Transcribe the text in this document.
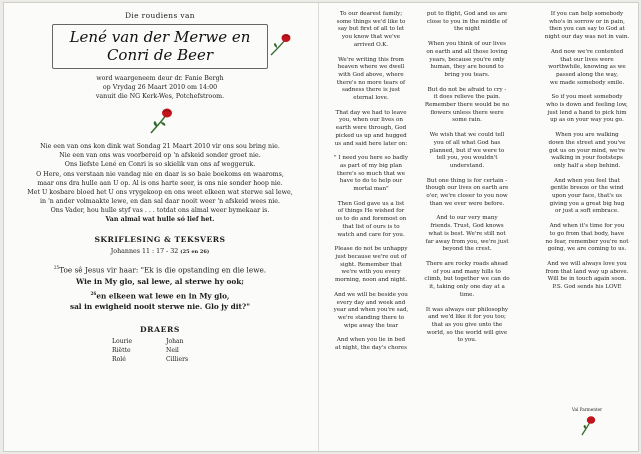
Die roudiens van
Lené van der Merwe en Conri de Beer
word waargeneem deur dr. Fanie Bergh
op Vrydag 26 Maart 2010 om 14:00
vanuit die NG Kerk-Wes, Potchefstroom.
Nie een van ons kon dink wat Sondag 21 Maart 2010 vir ons sou bring nie.
Nie een van ons was voorbereid op 'n afskeid sonder groet nie.
Ons liefste Lené en Conri is so skielik van ons af weggeruk.
O Here, ons verstaan nie vandag nie en daar is so baie boekoms en waaroms,
maar ons dra hulle aan U op. Al is ons harte seer, is ons nie sonder hoop nie.
Met U kosbare bloed het U ons vrygekoop en ons weet elkeen wat sterwe sal lewe,
in 'n ander volmaakte lewe, en dan sal daar nooit weer 'n afskeid wees nie.
Ons Vader, hou hulle styf vas . . . totdat ons almal weer bymekaar is.
Van almal wat hulle só lief het.
SKRIFLESING & TEKSVERS
Johannes 11 : 17 - 32 (25 en 26)
$^{25}$Toe sê Jesus vir haar: "Ek is die opstanding en die lewe.
Wie in My glo, sal lewe, al sterwe hy ook;
$^{26}$en elkeen wat lewe en in My glo,
sal in ewigheid nooit sterwe nie. Glo jy dit?"
DRAERS
Lourie	Johan
Riëtte	Neil
Rolé	Cilliers

To our dearest family;
some things we'd like to
say but first of all to let
you know that we've
arrived O.K.

We're writing this from
heaven where we dwell
with God above, where
there's no more tears of
sadness there is just
eternal love.

That day we had to leave
you, when our lives on
earth were through, God
picked us up and hugged
us and said here later on:

" I need you here so badly
as part of my big plan
there's so much that we
have to do to help our
mortal man"

Then God gave us a list
of things He wished for
us to do and foremost on
that list of ours is to
watch and care for you.

Please do not be unhappy
just because we're out of
sight. Remember that
we're with you every
morning, noon and night.

And we will be beside you
every day and week and
year and when you're sad,
we're standing there to
wipe away the tear

And when you lie in bed
at night, the day's chores

put to flight, God and us are
close to you in the middle of
the night

When you think of our lives
on earth and all those loving
years, because you're only
human, they are bound to
bring you tears.

But do not be afraid to cry -
it does relieve the pain.
Remember there would be no
flowers unless there were
some rain.

We wish that we could tell
you of all what God has
planned, but if we were to
tell you, you wouldn't
understand.

But one thing is for certain -
though our lives on earth are
o'er, we're closer to you now
than we ever were before.

And to our very many
friends. Trust, God knows
what is best. We're still not
far away from you, we're just
beyond the crest.

There are rocky roads ahead
of you and many hills to
climb, but together we can do
it, taking only one day at a
time.

It was always our philosophy
and we'd like it for you too;
that as you give unto the
world, so the world will give
to you.

If you can help somebody
who's in sorrow or in pain,
then you can say to God at
night our day was not in vain.

And now we're contented
that our lives were
worthwhile, knowing as we
passed along the way,
we made somebody smile.

So if you meet somebody
who is down and feeling low,
just lend a hand to pick him
up as on your way you go.

When you are walking
down the street and you've
got us on your mind, we're
walking in your footsteps
only half a step behind.

And when you feel that
gentle breeze or the wind
upon your face, that's us
giving you a great big hug
or just a soft embrace.

And when it's time for you
to go from that body, have
no fear, remember you're not
going, we are coming to us.

And we will always love you
from that land way up above.
Will be in touch again soon.
P.S. God sends his LOVE

Val Parmenter
